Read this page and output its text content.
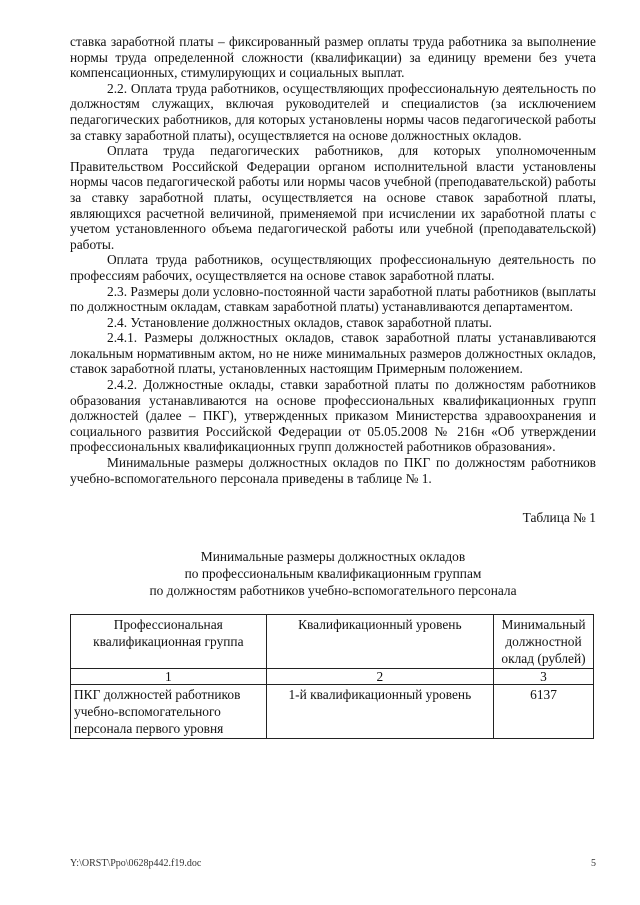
ставка заработной платы – фиксированный размер оплаты труда работника за выполнение нормы труда определенной сложности (квалификации) за единицу времени без учета компенсационных, стимулирующих и социальных выплат.

2.2. Оплата труда работников, осуществляющих профессиональную деятельность по должностям служащих, включая руководителей и специалистов (за исключением педагогических работников, для которых установлены нормы часов педагогической работы за ставку заработной платы), осуществляется на основе должностных окладов.

Оплата труда педагогических работников, для которых уполномоченным Правительством Российской Федерации органом исполнительной власти установлены нормы часов педагогической работы или нормы часов учебной (преподавательской) работы за ставку заработной платы, осуществляется на основе ставок заработной платы, являющихся расчетной величиной, применяемой при исчислении их заработной платы с учетом установленного объема педагогической работы или учебной (преподавательской) работы.

Оплата труда работников, осуществляющих профессиональную деятельность по профессиям рабочих, осуществляется на основе ставок заработной платы.

2.3. Размеры доли условно-постоянной части заработной платы работников (выплаты по должностным окладам, ставкам заработной платы) устанавливаются департаментом.

2.4. Установление должностных окладов, ставок заработной платы.

2.4.1. Размеры должностных окладов, ставок заработной платы устанавливаются локальным нормативным актом, но не ниже минимальных размеров должностных окладов, ставок заработной платы, установленных настоящим Примерным положением.

2.4.2. Должностные оклады, ставки заработной платы по должностям работников образования устанавливаются на основе профессиональных квалификационных групп должностей (далее – ПКГ), утвержденных приказом Министерства здравоохранения и социального развития Российской Федерации от 05.05.2008 № 216н «Об утверждении профессиональных квалификационных групп должностей работников образования».

Минимальные размеры должностных окладов по ПКГ по должностям работников учебно-вспомогательного персонала приведены в таблице № 1.

Таблица № 1
Минимальные размеры должностных окладов
по профессиональным квалификационным группам
по должностям работников учебно-вспомогательного персонала
Профессиональная квалификационная группа	Квалификационный уровень	Минимальный должностной оклад (рублей)
1	2	3
ПКГ должностей работников учебно-вспомогательного персонала первого уровня	1-й квалификационный уровень	6137
Y:\ORST\Ppo\0628p442.f19.doc	5
